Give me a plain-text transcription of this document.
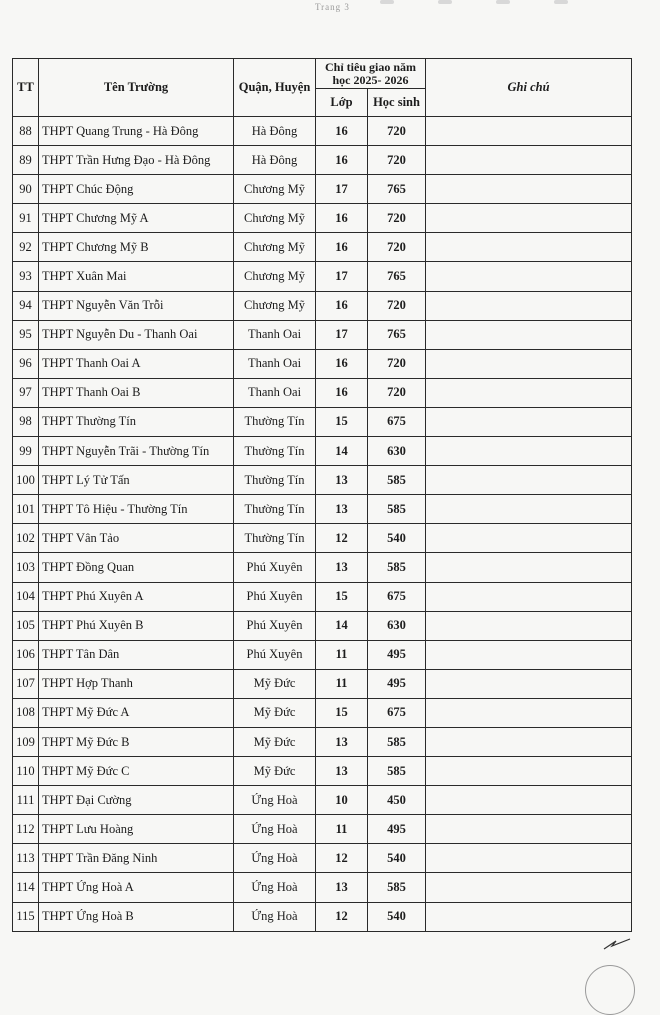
Trang 3
TT	Tên Trường	Quận, Huyện	Chỉ tiêu giao năm học 2025- 2026		Ghi chú
			Lớp	Học sinh	
88	THPT Quang Trung - Hà Đông	Hà Đông	16	720	
89	THPT Trần Hưng Đạo - Hà Đông	Hà Đông	16	720	
90	THPT Chúc Động	Chương Mỹ	17	765	
91	THPT Chương Mỹ A	Chương Mỹ	16	720	
92	THPT Chương Mỹ B	Chương Mỹ	16	720	
93	THPT Xuân Mai	Chương Mỹ	17	765	
94	THPT Nguyễn Văn Trỗi	Chương Mỹ	16	720	
95	THPT Nguyễn Du - Thanh Oai	Thanh Oai	17	765	
96	THPT Thanh Oai A	Thanh Oai	16	720	
97	THPT Thanh Oai B	Thanh Oai	16	720	
98	THPT Thường Tín	Thường Tín	15	675	
99	THPT Nguyễn Trãi - Thường Tín	Thường Tín	14	630	
100	THPT Lý Tử Tấn	Thường Tín	13	585	
101	THPT Tô Hiệu - Thường Tín	Thường Tín	13	585	
102	THPT Vân Tảo	Thường Tín	12	540	
103	THPT Đồng Quan	Phú Xuyên	13	585	
104	THPT Phú Xuyên A	Phú Xuyên	15	675	
105	THPT Phú Xuyên B	Phú Xuyên	14	630	
106	THPT Tân Dân	Phú Xuyên	11	495	
107	THPT Hợp Thanh	Mỹ Đức	11	495	
108	THPT Mỹ Đức A	Mỹ Đức	15	675	
109	THPT Mỹ Đức B	Mỹ Đức	13	585	
110	THPT Mỹ Đức C	Mỹ Đức	13	585	
111	THPT Đại Cường	Ứng Hoà	10	450	
112	THPT Lưu Hoàng	Ứng Hoà	11	495	
113	THPT Trần Đăng Ninh	Ứng Hoà	12	540	
114	THPT Ứng Hoà A	Ứng Hoà	13	585	
115	THPT Ứng Hoà B	Ứng Hoà	12	540	
